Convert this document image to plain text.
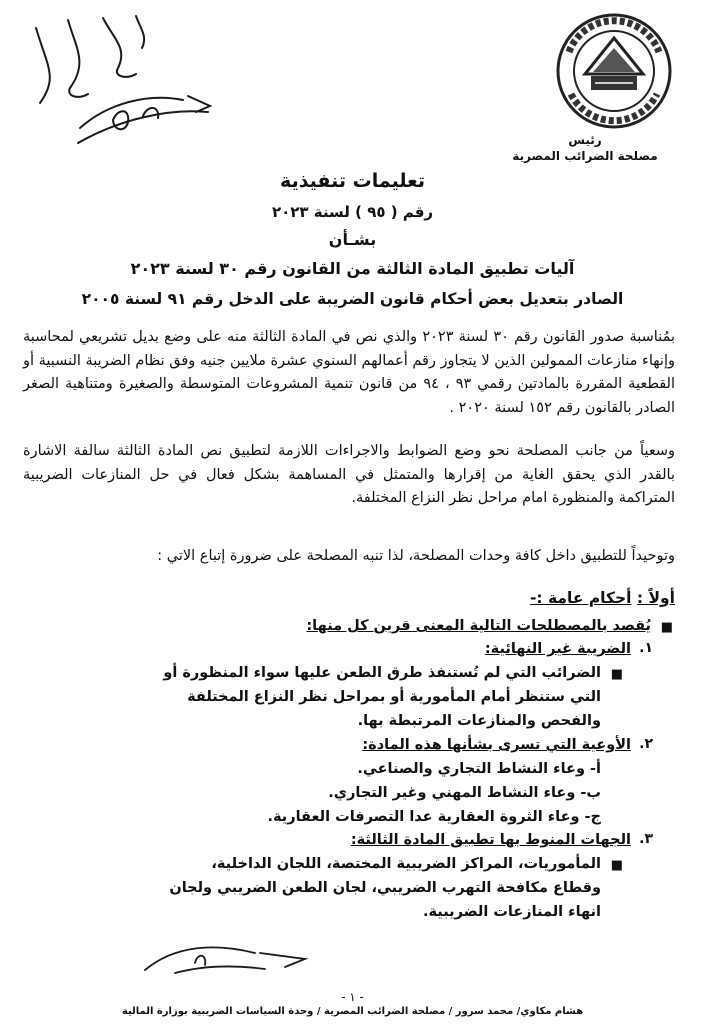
رئيس
مصلحة الضرائب المصرية
تعليمات تنفيذية
رقم ( ٩٥ ) لسنة ٢٠٢٣
بشـأن
آليات تطبيق المادة الثالثة من القانون رقم ٣٠ لسنة ٢٠٢٣
الصادر بتعديل بعض أحكام قانون الضريبة على الدخل رقم ٩١ لسنة ٢٠٠٥
بمُناسبة صدور القانون رقم ٣٠ لسنة ٢٠٢٣ والذي نص في المادة الثالثة منه على وضع بديل تشريعي لمحاسبة وإنهاء منازعات الممولين الذين لا يتجاوز رقم أعمالهم السنوي عشرة ملايين جنيه وفق نظام الضريبة النسبية أو القطعية المقررة بالمادتين رقمي ٩٣ ، ٩٤ من قانون تنمية المشروعات المتوسطة والصغيرة ومتناهية الصغر الصادر بالقانون رقم ١٥٢ لسنة ٢٠٢٠ .
وسعياً من جانب المصلحة نحو وضع الضوابط والاجراءات اللازمة لتطبيق نص المادة الثالثة سالفة الاشارة بالقدر الذي يحقق الغاية من إقرارها والمتمثل في المساهمة بشكل فعال في حل المنازعات الضريبية المتراكمة والمنظورة امام مراحل نظر النزاع المختلفة.
وتوحيداً للتطبيق داخل كافة وحدات المصلحة، لذا تنبه المصلحة على ضرورة إتباع الاتي :
أولاً : أحكام عامة :-
■
يُقصد بالمصطلحات التالية المعنى قرين كل منها:
١.
الضريبة غير النهائية:
■
الضرائب التي لم تُستنفذ طرق الطعن عليها سواء المنظورة أو
التي ستنظر أمام المأمورية أو بمراحل نظر النزاع المختلفة
والفحص والمنازعات المرتبطة بها.
٢.
الأوعية التي تسرى بشأنها هذه المادة:
أ- وعاء النشاط التجاري والصناعي.
ب- وعاء النشاط المهني وغير التجاري.
ج- وعاء الثروة العقارية عدا التصرفات العقارية.
٣.
الجهات المنوط بها تطبيق المادة الثالثة:
■
المأموريات، المراكز الضريبية المختصة، اللجان الداخلية،
وقطاع مكافحة التهرب الضريبي، لجان الطعن الضريبي ولجان
انهاء المنازعات الضريبية.
- ١ -
هشام مكاوي/ محمد سرور / مصلحة الضرائب المصرية / وحدة السياسات الضريبية بوزارة المالية
